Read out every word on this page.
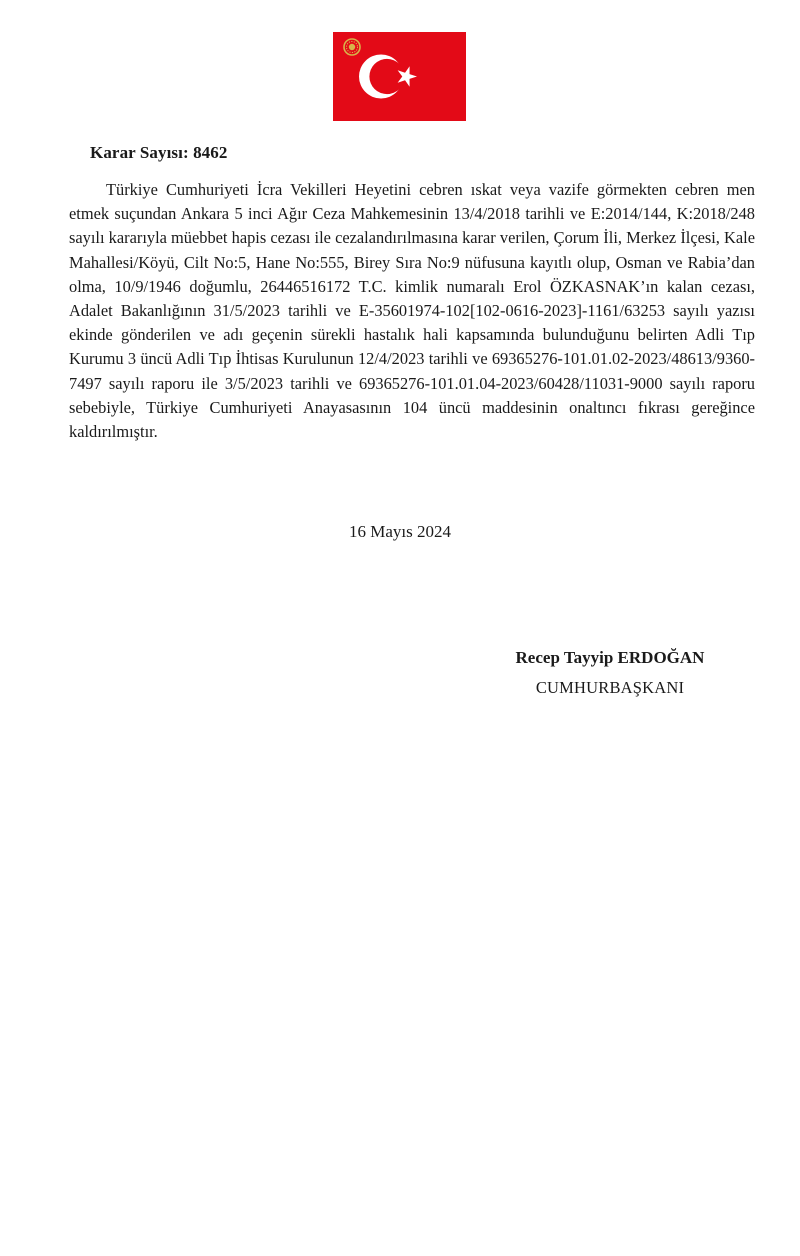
Karar Sayısı: 8462

Türkiye Cumhuriyeti İcra Vekilleri Heyetini cebren ıskat veya vazife görmekten cebren men etmek suçundan Ankara 5 inci Ağır Ceza Mahkemesinin 13/4/2018 tarihli ve E:2014/144, K:2018/248 sayılı kararıyla müebbet hapis cezası ile cezalandırılmasına karar verilen, Çorum İli, Merkez İlçesi, Kale Mahallesi/Köyü, Cilt No:5, Hane No:555, Birey Sıra No:9 nüfusuna kayıtlı olup, Osman ve Rabia’dan olma, 10/9/1946 doğumlu, 26446516172 T.C. kimlik numaralı Erol ÖZKASNAK’ın kalan cezası, Adalet Bakanlığının 31/5/2023 tarihli ve E-35601974-102[102-0616-2023]-1161/63253 sayılı yazısı ekinde gönderilen ve adı geçenin sürekli hastalık hali kapsamında bulunduğunu belirten Adli Tıp Kurumu 3 üncü Adli Tıp İhtisas Kurulunun 12/4/2023 tarihli ve 69365276-101.01.02-2023/48613/9360-7497 sayılı raporu ile 3/5/2023 tarihli ve 69365276-101.01.04-2023/60428/11031-9000 sayılı raporu sebebiyle, Türkiye Cumhuriyeti Anayasasının 104 üncü maddesinin onaltıncı fıkrası gereğince kaldırılmıştır.

16 Mayıs 2024
Recep Tayyip ERDOĞAN
CUMHURBAŞKANI
